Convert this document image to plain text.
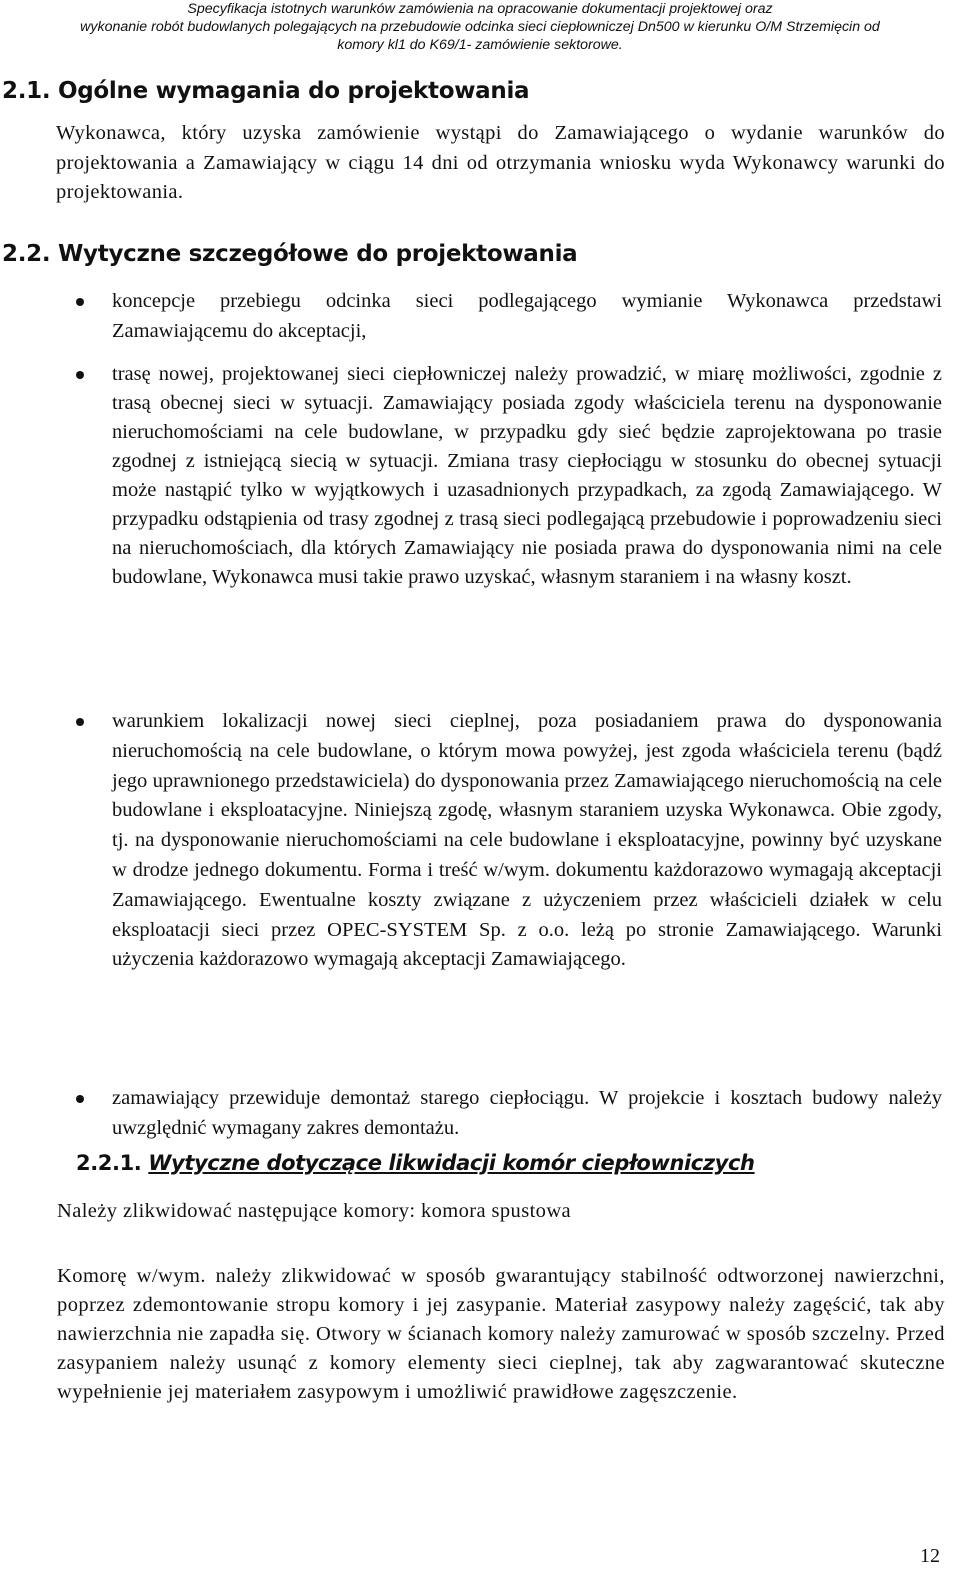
Specyfikacja istotnych warunków zamówienia na opracowanie dokumentacji projektowej oraz
wykonanie robót budowlanych polegających na przebudowie odcinka sieci ciepłowniczej Dn500 w kierunku O/M Strzemięcin od
komory kl1 do K69/1- zamówienie sektorowe.
2.1. Ogólne wymagania do projektowania
Wykonawca, który uzyska zamówienie wystąpi do Zamawiającego o wydanie warunków do projektowania a Zamawiający w ciągu 14 dni od otrzymania wniosku wyda Wykonawcy warunki do projektowania.
2.2. Wytyczne szczegółowe do projektowania
koncepcje przebiegu odcinka sieci podlegającego wymianie Wykonawca przedstawi Zamawiającemu do akceptacji,
trasę nowej, projektowanej sieci ciepłowniczej należy prowadzić, w miarę możliwości, zgodnie z trasą obecnej sieci w sytuacji. Zamawiający posiada zgody właściciela terenu na dysponowanie nieruchomościami na cele budowlane, w przypadku gdy sieć będzie zaprojektowana po trasie zgodnej z istniejącą siecią w sytuacji. Zmiana trasy ciepłociągu w stosunku do obecnej sytuacji może nastąpić tylko w wyjątkowych i uzasadnionych przypadkach, za zgodą Zamawiającego. W przypadku odstąpienia od trasy zgodnej z trasą sieci podlegającą przebudowie i poprowadzeniu sieci na nieruchomościach, dla których Zamawiający nie posiada prawa do dysponowania nimi na cele budowlane, Wykonawca musi takie prawo uzyskać, własnym staraniem i na własny koszt.
warunkiem lokalizacji nowej sieci cieplnej, poza posiadaniem prawa do dysponowania nieruchomością na cele budowlane, o którym mowa powyżej, jest zgoda właściciela terenu (bądź jego uprawnionego przedstawiciela) do dysponowania przez Zamawiającego nieruchomością na cele budowlane i eksploatacyjne. Niniejszą zgodę, własnym staraniem uzyska Wykonawca. Obie zgody, tj. na dysponowanie nieruchomościami na cele budowlane i eksploatacyjne, powinny być uzyskane w drodze jednego dokumentu. Forma i treść w/wym. dokumentu każdorazowo wymagają akceptacji Zamawiającego. Ewentualne koszty związane z użyczeniem przez właścicieli działek w celu eksploatacji sieci przez OPEC-SYSTEM Sp. z o.o. leżą po stronie Zamawiającego. Warunki użyczenia każdorazowo wymagają akceptacji Zamawiającego.
zamawiający przewiduje demontaż starego ciepłociągu. W projekcie i kosztach budowy należy uwzględnić wymagany zakres demontażu.
2.2.1. Wytyczne dotyczące likwidacji komór ciepłowniczych
Należy zlikwidować następujące komory: komora spustowa
Komorę w/wym. należy zlikwidować w sposób gwarantujący stabilność odtworzonej nawierzchni, poprzez zdemontowanie stropu komory i jej zasypanie. Materiał zasypowy należy zagęścić, tak aby nawierzchnia nie zapadła się. Otwory w ścianach komory należy zamurować w sposób szczelny. Przed zasypaniem należy usunąć z komory elementy sieci cieplnej, tak aby zagwarantować skuteczne wypełnienie jej materiałem zasypowym i umożliwić prawidłowe zagęszczenie.
12
